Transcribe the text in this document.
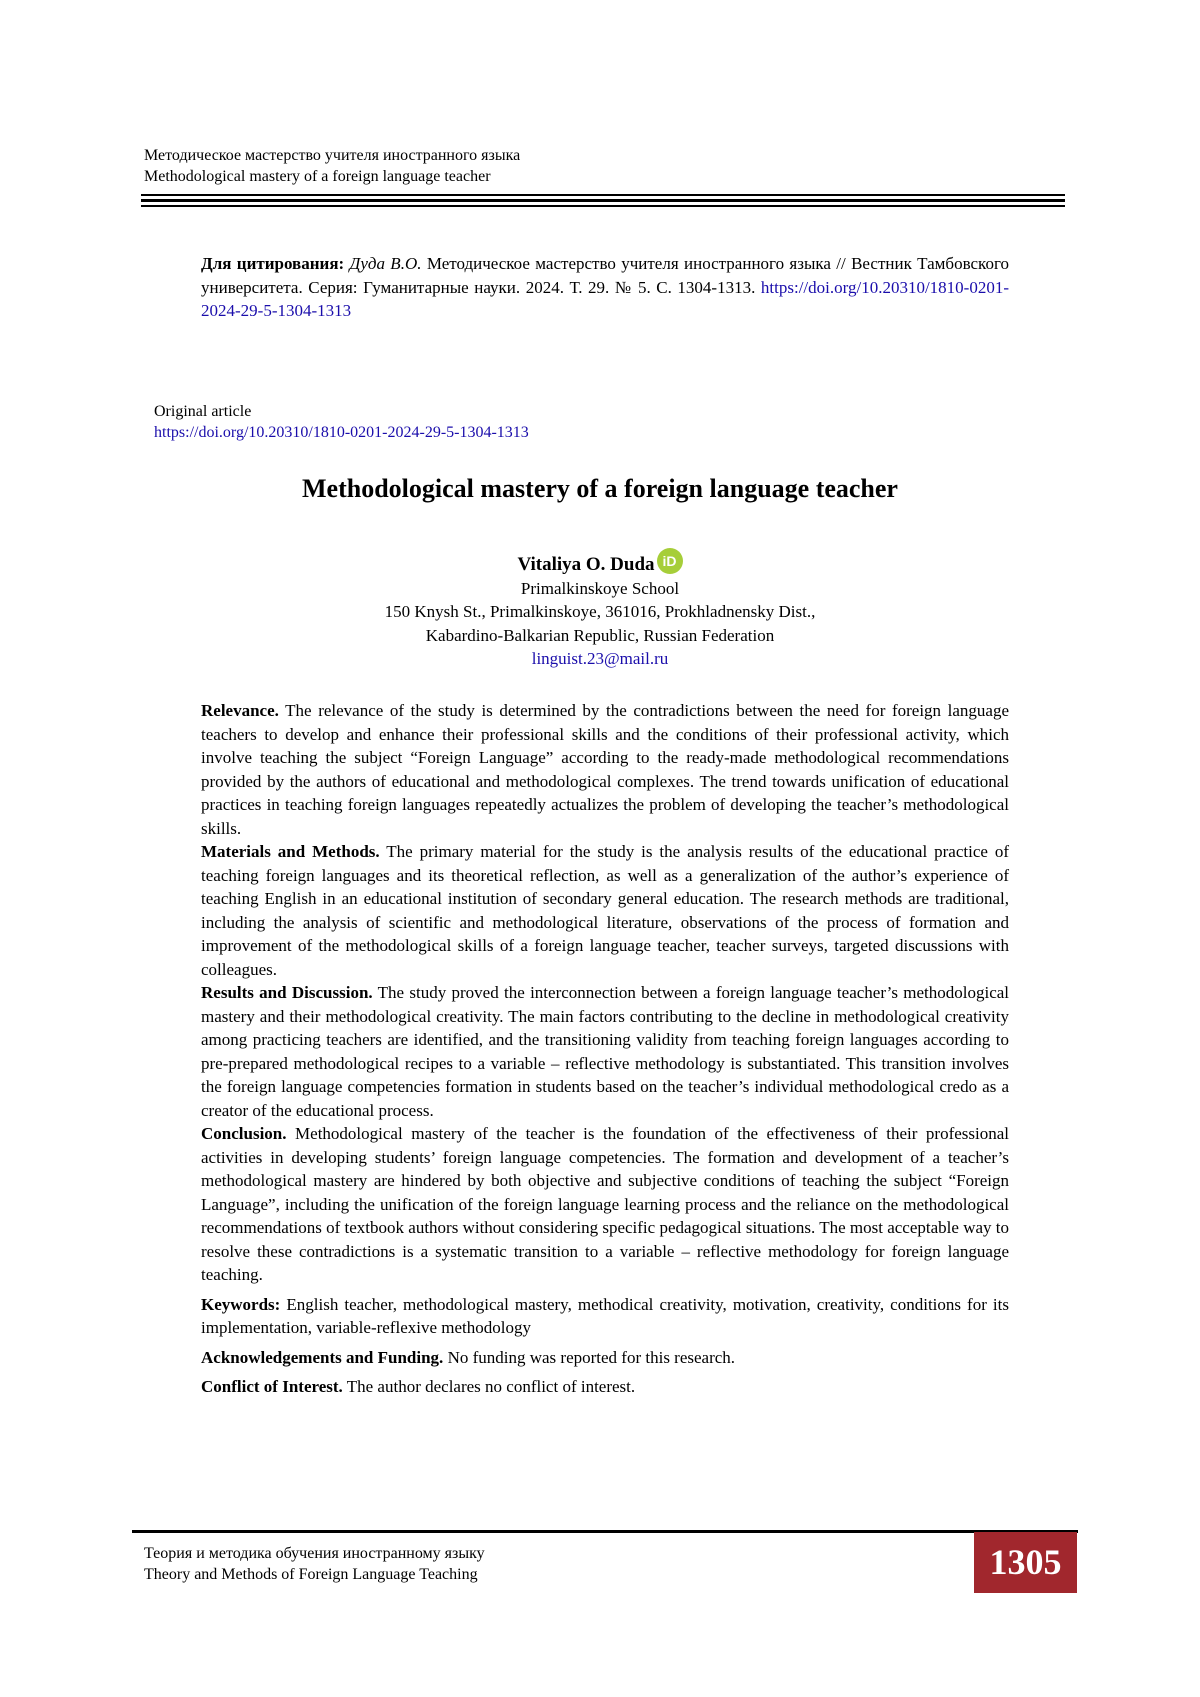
Методическое мастерство учителя иностранного языка
Methodological mastery of a foreign language teacher
Для цитирования: Дуда В.О. Методическое мастерство учителя иностранного языка // Вестник Тамбовского университета. Серия: Гуманитарные науки. 2024. Т. 29. № 5. С. 1304-1313. https://doi.org/10.20310/1810-0201-2024-29-5-1304-1313
Original article
https://doi.org/10.20310/1810-0201-2024-29-5-1304-1313
Methodological mastery of a foreign language teacher
Vitaliya O. Duda iD
Primalkinskoye School
150 Knysh St., Primalkinskoye, 361016, Prokhladnensky Dist.,
Kabardino-Balkarian Republic, Russian Federation
linguist.23@mail.ru

Relevance. The relevance of the study is determined by the contradictions between the need for foreign language teachers to develop and enhance their professional skills and the conditions of their professional activity, which involve teaching the subject “Foreign Language” according to the ready-made methodological recommendations provided by the authors of educational and methodological complexes. The trend towards unification of educational practices in teaching foreign languages repeatedly actualizes the problem of developing the teacher’s methodological skills.

Materials and Methods. The primary material for the study is the analysis results of the educational practice of teaching foreign languages and its theoretical reflection, as well as a generalization of the author’s experience of teaching English in an educational institution of secondary general education. The research methods are traditional, including the analysis of scientific and methodological literature, observations of the process of formation and improvement of the methodological skills of a foreign language teacher, teacher surveys, targeted discussions with colleagues.

Results and Discussion. The study proved the interconnection between a foreign language teacher’s methodological mastery and their methodological creativity. The main factors contributing to the decline in methodological creativity among practicing teachers are identified, and the transitioning validity from teaching foreign languages according to pre-prepared methodological recipes to a variable – reflective methodology is substantiated. This transition involves the foreign language competencies formation in students based on the teacher’s individual methodological credo as a creator of the educational process.

Conclusion. Methodological mastery of the teacher is the foundation of the effectiveness of their professional activities in developing students’ foreign language competencies. The formation and development of a teacher’s methodological mastery are hindered by both objective and subjective conditions of teaching the subject “Foreign Language”, including the unification of the foreign language learning process and the reliance on the methodological recommendations of textbook authors without considering specific pedagogical situations. The most acceptable way to resolve these contradictions is a systematic transition to a variable – reflective methodology for foreign language teaching.

Keywords: English teacher, methodological mastery, methodical creativity, motivation, creativity, conditions for its implementation, variable-reflexive methodology

Acknowledgements and Funding. No funding was reported for this research.

Conflict of Interest. The author declares no conflict of interest.

Теория и методика обучения иностранному языку
Theory and Methods of Foreign Language Teaching	1305
